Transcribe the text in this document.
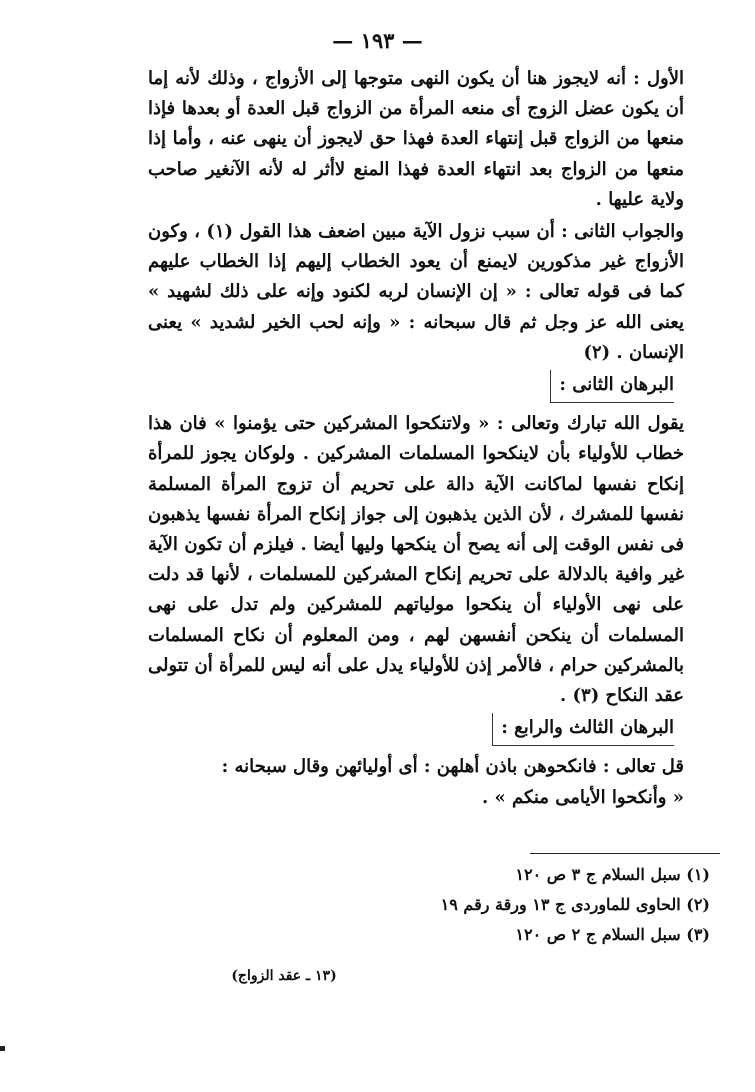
— ١٩٣ —

الأول : أنه لايجوز هنا أن يكون النهى متوجها إلى الأزواج ، وذلك لأنه إما أن يكون عضل الزوج أى منعه المرأة من الزواج قبل العدة أو بعدها فإذا منعها من الزواج قبل إنتهاء العدة فهذا حق لايجوز أن ينهى عنه ، وأما إذا منعها من الزواج بعد انتهاء العدة فهذا المنع لاأثر له لأنه الآنغير صاحب ولاية عليها .

والجواب الثانى : أن سبب نزول الآية مبين اضعف هذا القول (١) ، وكون الأزواج غير مذكورين لايمنع أن يعود الخطاب إليهم إذا الخطاب عليهم كما فى قوله تعالى : « إن الإنسان لربه لكنود وإنه على ذلك لشهيد » يعنى الله عز وجل ثم قال سبحانه : « وإنه لحب الخير لشديد » يعنى الإنسان . (٢)

البرهان الثانى :

يقول الله تبارك وتعالى : « ولاتنكحوا المشركين حتى يؤمنوا » فان هذا خطاب للأولياء بأن لاينكحوا المسلمات المشركين . ولوكان يجوز للمرأة إنكاح نفسها لماكانت الآية دالة على تحريم أن تزوج المرأة المسلمة نفسها للمشرك ، لأن الذين يذهبون إلى جواز إنكاح المرأة نفسها يذهبون فى نفس الوقت إلى أنه يصح أن ينكحها وليها أيضا . فيلزم أن تكون الآية غير وافية بالدلالة على تحريم إنكاح المشركين للمسلمات ، لأنها قد دلت على نهى الأولياء أن ينكحوا مولياتهم للمشركين ولم تدل على نهى المسلمات أن ينكحن أنفسهن لهم ، ومن المعلوم أن نكاح المسلمات بالمشركين حرام ، فالأمر إذن للأولياء يدل على أنه ليس للمرأة أن تتولى عقد النكاح (٣) .

البرهان الثالث والرابع :
قل تعالى : فانكحوهن باذن أهلهن : أى أوليائهن وقال سبحانه :
« وأنكحوا الأيامى منكم » .
(١) سبل السلام ج ٣ ص ١٢٠
(٢) الحاوى للماوردى ج ١٣ ورقة رقم ١٩
(٣) سبل السلام ج ٢ ص ١٢٠
(١٣ ـ عقد الزواج)
